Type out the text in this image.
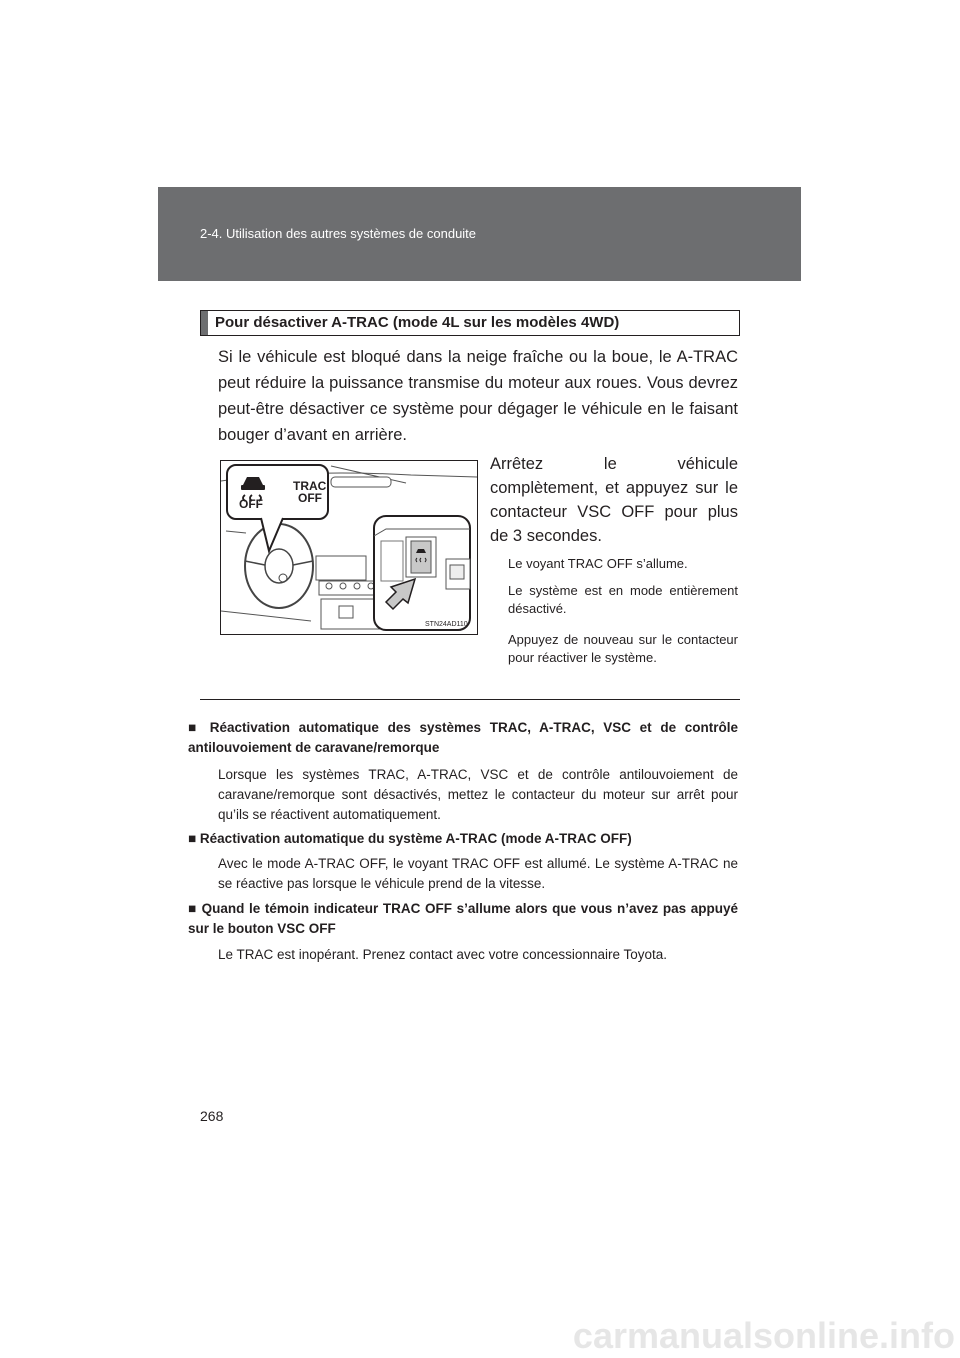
2-4. Utilisation des autres systèmes de conduite
Pour désactiver A-TRAC (mode 4L sur les modèles 4WD)
Si le véhicule est bloqué dans la neige fraîche ou la boue, le A-TRAC peut réduire la puissance transmise du moteur aux roues. Vous devrez peut-être désactiver ce système pour dégager le véhicule en le faisant bouger d’avant en arrière.
OFF
TRAC
OFF
STN24AD110
Arrêtez le véhicule complètement, et appuyez sur le contacteur VSC OFF pour plus de 3 secondes.
Le voyant TRAC OFF s’allume.
Le système est en mode entièrement désactivé.
Appuyez de nouveau sur le contacteur pour réactiver le système.
■ Réactivation automatique des systèmes TRAC, A-TRAC, VSC et de contrôle antilouvoiement de caravane/remorque
Lorsque les systèmes TRAC, A-TRAC, VSC et de contrôle antilouvoiement de caravane/remorque sont désactivés, mettez le contacteur du moteur sur arrêt pour qu’ils se réactivent automatiquement.
■ Réactivation automatique du système A-TRAC (mode A-TRAC OFF)
Avec le mode A-TRAC OFF, le voyant TRAC OFF est allumé. Le système A-TRAC ne se réactive pas lorsque le véhicule prend de la vitesse.
■ Quand le témoin indicateur TRAC OFF s’allume alors que vous n’avez pas appuyé sur le bouton VSC OFF
Le TRAC est inopérant. Prenez contact avec votre concessionnaire Toyota.
268
carmanualsonline.info
